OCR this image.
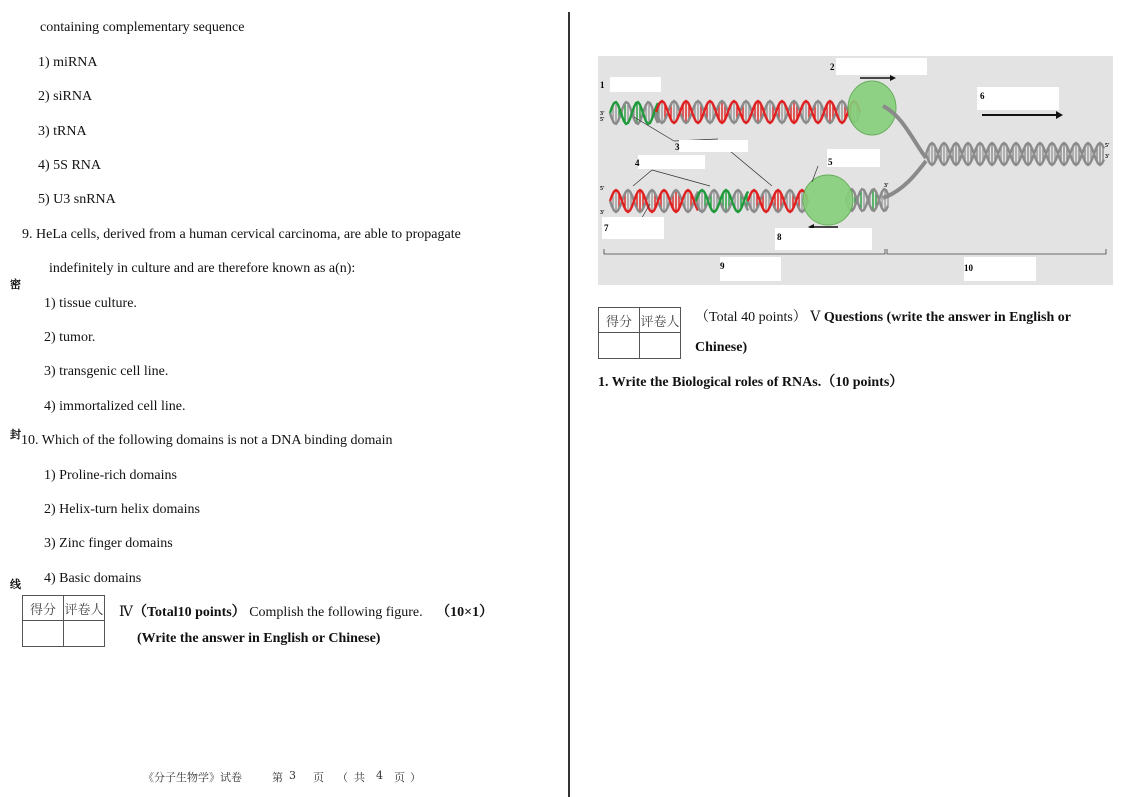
密
封
线
containing complementary sequence
1) miRNA
2) siRNA
3) tRNA
4) 5S RNA
5) U3 snRNA
9. HeLa cells, derived from a human cervical carcinoma, are able to propagate
indefinitely in culture and are therefore known as a(n):
1) tissue culture.
2) tumor.
3) transgenic cell line.
4) immortalized cell line.
10. Which of the following domains is not a DNA binding domain
1) Proline-rich domains
2) Helix-turn helix domains
3) Zinc finger domains
4) Basic domains
得分	评卷人
	Ⅳ（Total10 points） Complish the following figure. （10×1）
(Write the answer in English or Chinese)
《分子生物学》试卷	第 3 页 （ 共 4 页 ）
1
2
3
4	5
6
7
8
9	10
3'
5'
5'
3'
5'
3'
3'
得分	评卷人
	（Total 40 points） Ⅴ Questions (write the answer in English or
Chinese)
1. Write the Biological roles of RNAs.（10 points）
